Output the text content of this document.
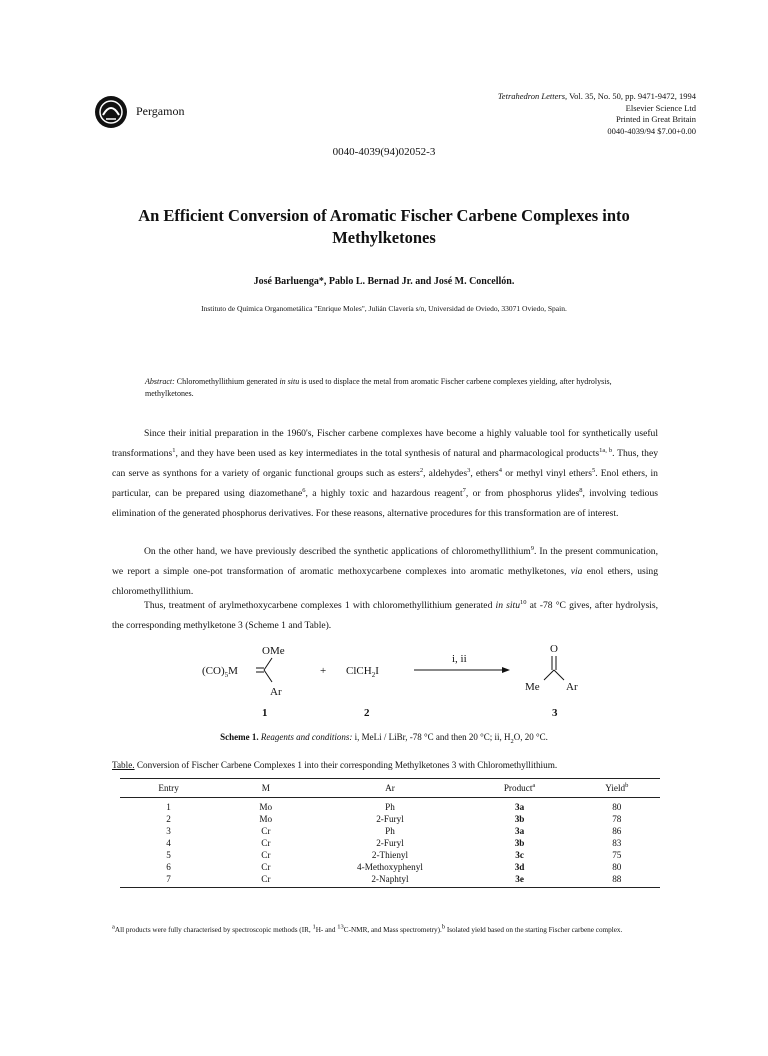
Pergamon
Tetrahedron Letters, Vol. 35, No. 50, pp. 9471-9472, 1994
Elsevier Science Ltd
Printed in Great Britain
0040-4039/94 $7.00+0.00
0040-4039(94)02052-3
An Efficient Conversion of Aromatic Fischer Carbene Complexes into
Methylketones
José Barluenga*, Pablo L. Bernad Jr. and José M. Concellón.
Instituto de Química Organometálica "Enrique Moles", Julián Clavería s/n, Universidad de Oviedo, 33071 Oviedo, Spain.
Abstract: Chloromethyllithium generated in situ is used to displace the metal from aromatic Fischer carbene complexes yielding, after hydrolysis, methylketones.

Since their initial preparation in the 1960's, Fischer carbene complexes have become a highly valuable tool for synthetically useful transformations$^1$, and they have been used as key intermediates in the total synthesis of natural and pharmacological products$^{1a, b}$. Thus, they can serve as synthons for a variety of organic functional groups such as esters$^2$, aldehydes$^3$, ethers$^4$ or methyl vinyl ethers$^5$. Enol ethers, in particular, can be prepared using diazomethane$^6$, a highly toxic and hazardous reagent$^7$, or from phosphorus ylides$^8$, involving tedious elimination of the generated phosphorus derivatives. For these reasons, alternative procedures for this transformation are of interest.

On the other hand, we have previously described the synthetic applications of chloromethyllithium$^9$. In the present communication, we report a simple one-pot transformation of aromatic methoxycarbene complexes into aromatic methylketones, via enol ethers, using chloromethyllithium.

Thus, treatment of arylmethoxycarbene complexes 1 with chloromethyllithium generated in situ$^{10}$ at -78 °C gives, after hydrolysis, the corresponding methylketone 3 (Scheme 1 and Table).

OMe
$(CO)_5M$
Ar
+ ClCH$_2$I
i, ii
O
Me Ar
1	2	3
Scheme 1. Reagents and conditions: i, MeLi / LiBr, -78 °C and then 20 °C; ii, $H_2O$, 20 °C.
Table. Conversion of Fischer Carbene Complexes 1 into their corresponding Methylketones 3 with Chloromethyllithium.
Entry	M	Ar	Product$^a$	Yield$^b$
1	Mo	Ph	3a	80
2	Mo	2-Furyl	3b	78
3	Cr	Ph	3a	86
4	Cr	2-Furyl	3b	83
5	Cr	2-Thienyl	3c	75
6	Cr	4-Methoxyphenyl	3d	80
7	Cr	2-Naphtyl	3e	88
$^a$All products were fully characterised by spectroscopic methods (IR, $^1$H- and $^{13}$C-NMR, and Mass spectrometry).$^b$ Isolated yield based on the starting Fischer carbene complex.
